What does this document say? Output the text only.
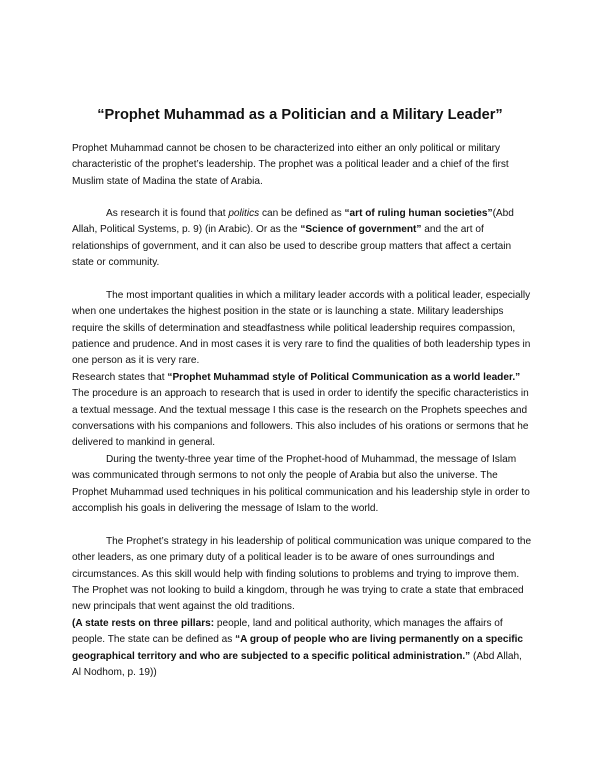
“Prophet Muhammad as a Politician and a Military Leader”

Prophet Muhammad cannot be chosen to be characterized into either an only political or military characteristic of the prophet’s leadership. The prophet was a political leader and a chief of the first Muslim state of Madina the state of Arabia.

As research it is found that politics can be defined as “art of ruling human societies”(Abd Allah, Political Systems, p. 9) (in Arabic). Or as the “Science of government” and the art of relationships of government, and it can also be used to describe group matters that affect a certain state or community.

The most important qualities in which a military leader accords with a political leader, especially when one undertakes the highest position in the state or is launching a state. Military leaderships require the skills of determination and steadfastness while political leadership requires compassion, patience and prudence. And in most cases it is very rare to find the qualities of both leadership types in one person as it is very rare.

Research states that “Prophet Muhammad style of Political Communication as a world leader.” The procedure is an approach to research that is used in order to identify the specific characteristics in a textual message. And the textual message I this case is the research on the Prophets speeches and conversations with his companions and followers. This also includes of his orations or sermons that he delivered to mankind in general.

During the twenty-three year time of the Prophet-hood of Muhammad, the message of Islam was communicated through sermons to not only the people of Arabia but also the universe. The Prophet Muhammad used techniques in his political communication and his leadership style in order to accomplish his goals in delivering the message of Islam to the world.

The Prophet’s strategy in his leadership of political communication was unique compared to the other leaders, as one primary duty of a political leader is to be aware of ones surroundings and circumstances. As this skill would help with finding solutions to problems and trying to improve them. The Prophet was not looking to build a kingdom, through he was trying to crate a state that embraced new principals that went against the old traditions.

(A state rests on three pillars: people, land and political authority, which manages the affairs of people. The state can be defined as “A group of people who are living permanently on a specific geographical territory and who are subjected to a specific political administration.” (Abd Allah, Al Nodhom, p. 19))
